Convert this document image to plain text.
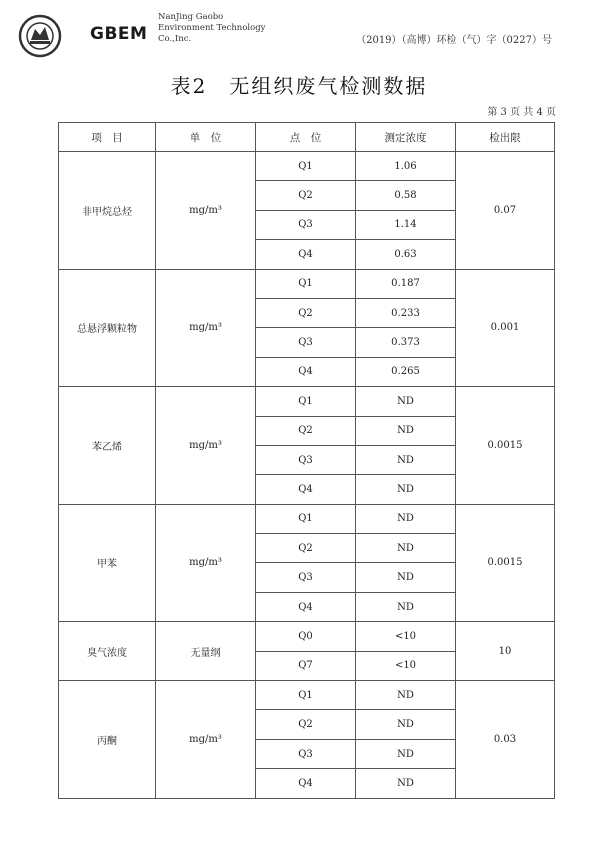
GBEM
NanJing Gaobo
Environment Technology
Co.,Inc.	（2019）（高博）环检（气）字（0227）号
表2　无组织废气检测数据
第 3 页 共 4 页
项　目	单　位	点　位	测定浓度	检出限
非甲烷总烃	mg/m³	Q1	1.06	0.07
		Q2	0.58	
		Q3	1.14	
		Q4	0.63	
总悬浮颗粒物	mg/m³	Q1	0.187	0.001
		Q2	0.233	
		Q3	0.373	
		Q4	0.265	
苯乙烯	mg/m³	Q1	ND	0.0015
		Q2	ND	
		Q3	ND	
		Q4	ND	
甲苯	mg/m³	Q1	ND	0.0015
		Q2	ND	
		Q3	ND	
		Q4	ND	
臭气浓度	无量纲	Q0	<10	10
		Q7	<10	
丙酮	mg/m³	Q1	ND	0.03
		Q2	ND	
		Q3	ND	
		Q4	ND	
